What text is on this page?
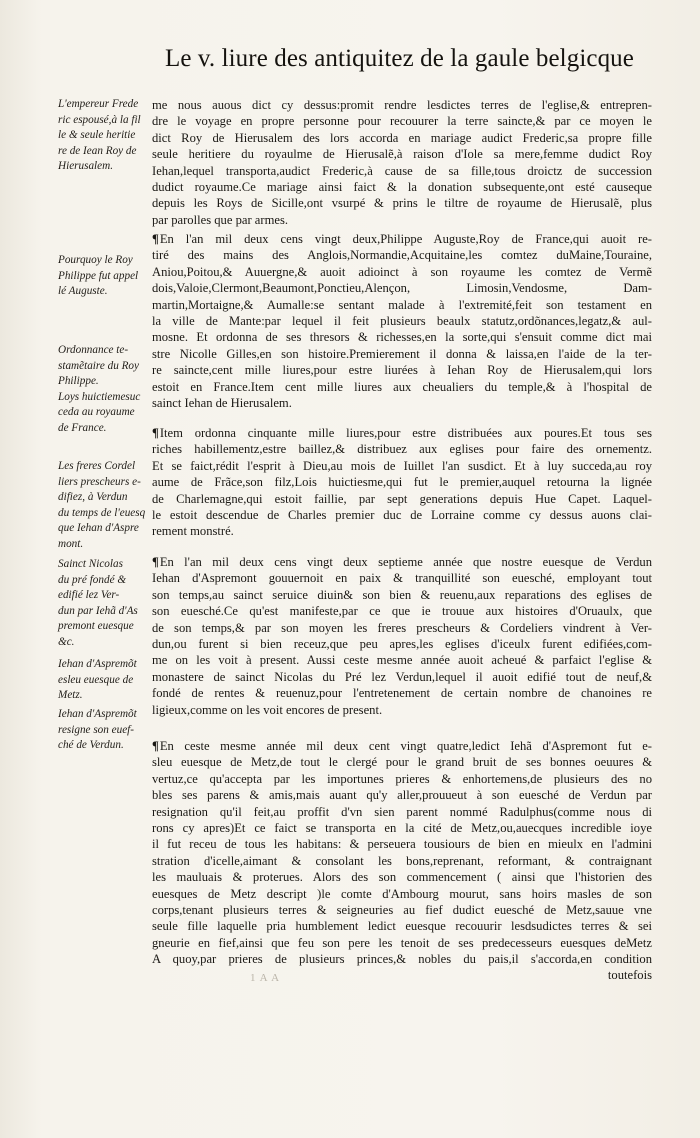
Le v. liure des antiquitez de la gaule belgicque
L'empereur Frede
ric espousé,à la fil
le & seule heritie
re de Iean Roy de
Hierusalem.
Pourquoy le Roy
Philippe fut appel
lé Auguste.
Ordonnance te-
stamẽtaire du Roy
Philippe.
Loys huictiemesuc
ceda au royaume
de France.
Les freres Cordel
liers prescheurs e-
difiez, à Verdun
du temps de l'euesq
que Iehan d'Aspre
mont.
Sainct Nicolas
du pré fondé &
edifié lez Ver-
dun par Iehã d'As
premont euesque
&c.
Iehan d'Aspremõt
esleu euesque de
Metz.
Iehan d'Aspremõt
resigne son euef-
ché de Verdun.
me nous auous dict cy dessus:promit rendre lesdictes terres de l'eglise,& entrepren-
dre le voyage en propre personne pour recouurer la terre saincte,& par ce moyen le
dict Roy de Hierusalem des lors accorda en mariage audict Frederic,sa propre fille
seule heritiere du royaulme de Hierusalẽ,à raison d'Iole sa mere,femme dudict Roy
Iehan,lequel transporta,audict Frederic,à cause de sa fille,tous droictz de succession
dudict royaume.Ce mariage ainsi faict & la donation subsequente,ont esté causeque
depuis les Roys de Sicille,ont vsurpé & prins le tiltre de royaume de Hierusalẽ, plus
par parolles que par armes.
¶En l'an mil deux cens vingt deux,Philippe Auguste,Roy de France,qui auoit re-
tiré des mains des Anglois,Normandie,Acquitaine,les comtez duMaine,Touraine,
Aniou,Poitou,& Auuergne,& auoit adioinct à son royaume les comtez de Vermẽ
dois,Valoie,Clermont,Beaumont,Ponctieu,Alençon, Limosin,Vendosme, Dam-
martin,Mortaigne,& Aumalle:se sentant malade à l'extremité,feit son testament en
la ville de Mante:par lequel il feit plusieurs beaulx statutz,ordõnances,legatz,& aul-
mosne. Et ordonna de ses thresors & richesses,en la sorte,qui s'ensuit comme dict mai
stre Nicolle Gilles,en son histoire.Premierement il donna & laissa,en l'aide de la ter-
re saincte,cent mille liures,pour estre liurées à Iehan Roy de Hierusalem,qui lors
estoit en France.Item cent mille liures aux cheualiers du temple,& à l'hospital de
sainct Iehan de Hierusalem.
¶Item ordonna cinquante mille liures,pour estre distribuées aux poures.Et tous ses
riches habillementz,estre baillez,& distribuez aux eglises pour faire des ornementz.
Et se faict,rédit l'esprit à Dieu,au mois de Iuillet l'an susdict. Et à luy succeda,au roy
aume de Frãce,son filz,Lois huictiesme,qui fut le premier,auquel retourna la lignée
de Charlemagne,qui estoit faillie, par sept generations depuis Hue Capet. Laquel-
le estoit descendue de Charles premier duc de Lorraine comme cy dessus auons clai-
rement monstré.
¶En l'an mil deux cens vingt deux septieme année que nostre euesque de Verdun
Iehan d'Aspremont gouuernoit en paix & tranquillité son euesché, employant tout
son temps,au sainct seruice diuin& son bien & reuenu,aux reparations des eglises de
son euesché.Ce qu'est manifeste,par ce que ie trouue aux histoires d'Oruaulx, que
de son temps,& par son moyen les freres prescheurs & Cordeliers vindrent à Ver-
dun,ou furent si bien receuz,que peu apres,les eglises d'iceulx furent edifiées,com-
me on les voit à present. Aussi ceste mesme année auoit acheué & parfaict l'eglise &
monastere de sainct Nicolas du Pré lez Verdun,lequel il auoit edifié tout de neuf,&
fondé de rentes & reuenuz,pour l'entretenement de certain nombre de chanoines re
ligieux,comme on les voit encores de present.
¶En ceste mesme année mil deux cent vingt quatre,ledict Iehã d'Aspremont fut e-
sleu euesque de Metz,de tout le clergé pour le grand bruit de ses bonnes oeuures &
vertuz,ce qu'accepta par les importunes prieres & enhortemens,de plusieurs des no
bles ses parens & amis,mais auant qu'y aller,prouueut à son euesché de Verdun par
resignation qu'il feit,au proffit d'vn sien parent nommé Radulphus(comme nous di
rons cy apres)Et ce faict se transporta en la cité de Metz,ou,auecques incredible ioye
il fut receu de tous les habitans: & perseuera tousiours de bien en mieulx en l'admini
stration d'icelle,aimant & consolant les bons,reprenant, reformant, & contraignant
les mauluais & proterues. Alors des son commencement ( ainsi que l'historien des
euesques de Metz descript )le comte d'Ambourg mourut, sans hoirs masles de son
corps,tenant plusieurs terres & seigneuries au fief dudict euesché de Metz,sauue vne
seule fille laquelle pria humblement ledict euesque recouurir lesdsudictes terres & sei
gneurie en fief,ainsi que feu son pere les tenoit de ses predecesseurs euesques deMetz
A quoy,par prieres de plusieurs princes,& nobles du pais,il s'accorda,en condition
toutefois
1 A A
